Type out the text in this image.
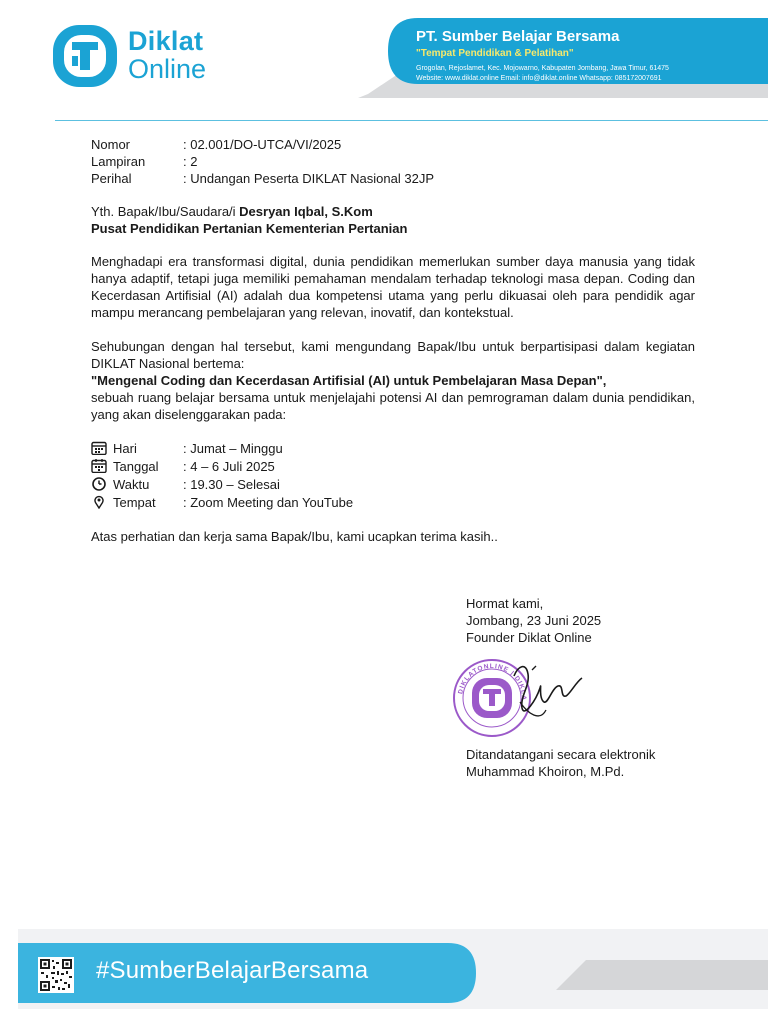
Diklat
Online
PT. Sumber Belajar Bersama
"Tempat Pendidikan & Pelatihan"
Grogolan, Rejoslamet, Kec. Mojowarno, Kabupaten Jombang, Jawa Timur, 61475
Website: www.diklat.online Email: info@diklat.online Whatsapp: 085172007691
Nomor	: 02.001/DO-UTCA/VI/2025
Lampiran	: 2
Perihal	: Undangan Peserta DIKLAT Nasional 32JP
Yth. Bapak/Ibu/Saudara/i Desryan Iqbal, S.Kom
Pusat Pendidikan Pertanian Kementerian Pertanian
Menghadapi era transformasi digital, dunia pendidikan memerlukan sumber daya manusia yang tidak hanya adaptif, tetapi juga memiliki pemahaman mendalam terhadap teknologi masa depan. Coding dan Kecerdasan Artifisial (AI) adalah dua kompetensi utama yang perlu dikuasai oleh para pendidik agar mampu merancang pembelajaran yang relevan, inovatif, dan kontekstual.
Sehubungan dengan hal tersebut, kami mengundang Bapak/Ibu untuk berpartisipasi dalam kegiatan DIKLAT Nasional bertema:
"Mengenal Coding dan Kecerdasan Artifisial (AI) untuk Pembelajaran Masa Depan",
sebuah ruang belajar bersama untuk menjelajahi potensi AI dan pemrograman dalam dunia pendidikan, yang akan diselenggarakan pada:
Hari	: Jumat – Minggu
Tanggal : 4 – 6 Juli 2025
Waktu	: 19.30 – Selesai
Tempat : Zoom Meeting dan YouTube
Atas perhatian dan kerja sama Bapak/Ibu, kami ucapkan terima kasih..
Hormat kami,
Jombang, 23 Juni 2025
Founder Diklat Online
DIKLATONLINE | DIKLA
Ditandatangani secara elektronik
Muhammad Khoiron, M.Pd.
#SumberBelajarBersama
